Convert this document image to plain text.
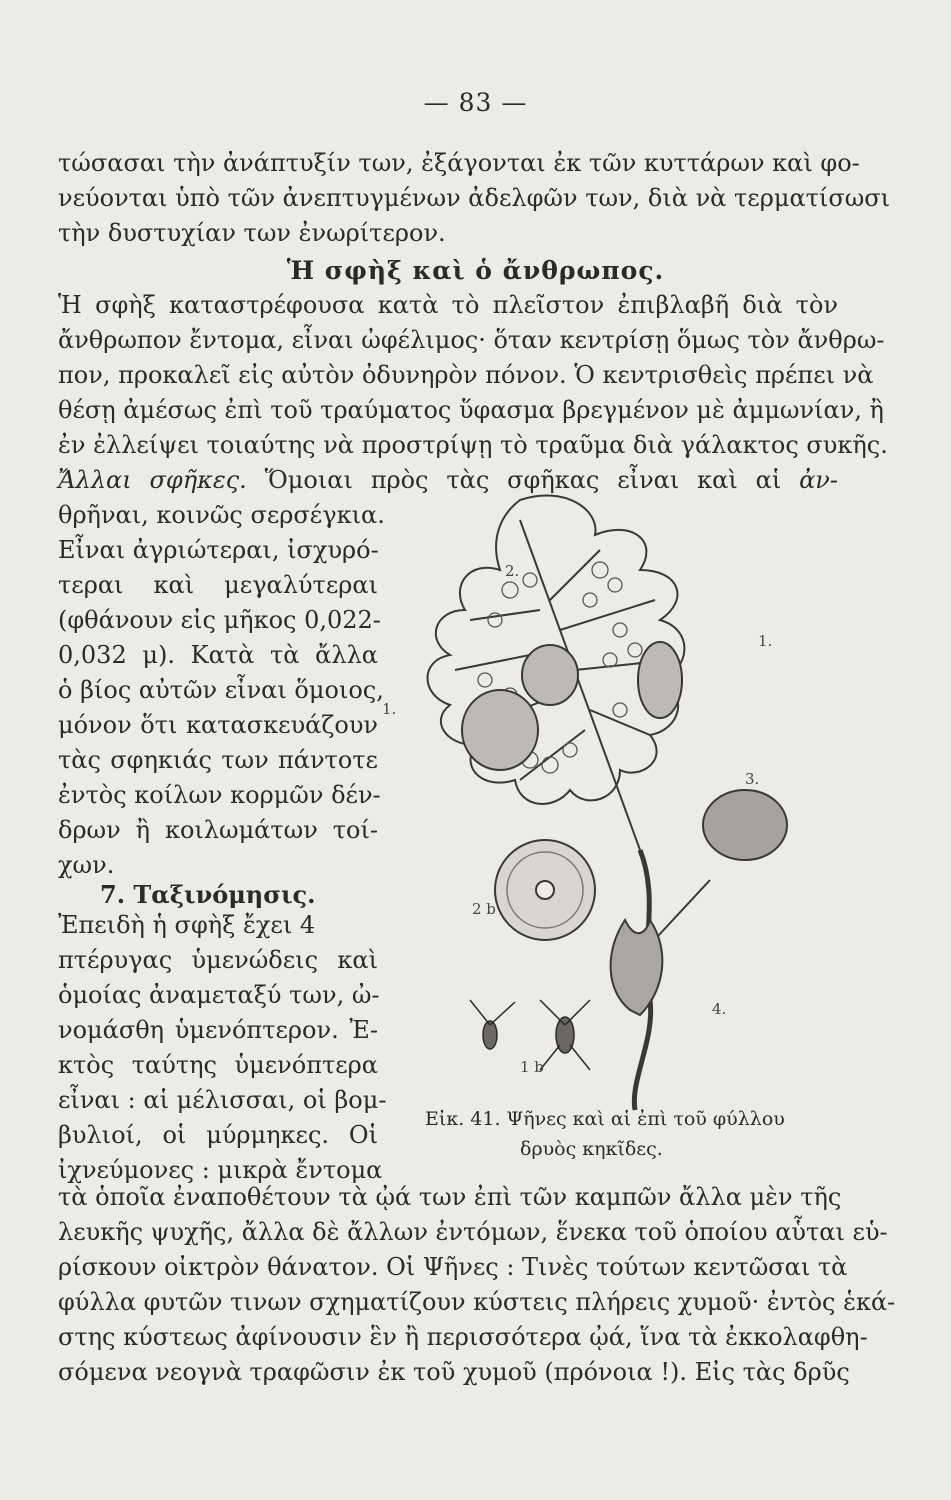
— 83 —
τώσασαι τὴν ἀνάπτυξίν των, ἐξάγονται ἐκ τῶν κυττάρων καὶ φο-
νεύονται ὑπὸ τῶν ἀνεπτυγμένων ἀδελφῶν των, διὰ νὰ τερματίσωσι
τὴν δυστυχίαν των ἐνωρίτερον.
Ἡ σφὴξ καὶ ὁ ἄνθρωπος.
Ἡ σφὴξ καταστρέφουσα κατὰ τὸ πλεῖστον ἐπιβλαβῆ διὰ τὸν
ἄνθρωπον ἔντομα, εἶναι ὠφέλιμος· ὅταν κεντρίσῃ ὅμως τὸν ἄνθρω-
πον, προκαλεῖ εἰς αὐτὸν ὀδυνηρὸν πόνον. Ὁ κεντρισθεὶς πρέπει νὰ
θέσῃ ἀμέσως ἐπὶ τοῦ τραύματος ὕφασμα βρεγμένον μὲ ἀμμωνίαν, ἢ
ἐν ἐλλείψει τοιαύτης νὰ προστρίψῃ τὸ τραῦμα διὰ γάλακτος συκῆς.
Ἄλλαι σφῆκες. Ὅμοιαι πρὸς τὰς σφῆκας εἶναι καὶ αἱ ἀν-
θρῆναι, κοινῶς σερσέγκια.
Εἶναι ἀγριώτεραι, ἰσχυρό-
τεραι καὶ μεγαλύτεραι
(φθάνουν εἰς μῆκος 0,022-
0,032 μ). Κατὰ τὰ ἄλλα
ὁ βίος αὐτῶν εἶναι ὅμοιος,
μόνον ὅτι κατασκευάζουν
τὰς σφηκιάς των πάντοτε
ἐντὸς κοίλων κορμῶν δέν-
δρων ἢ κοιλωμάτων τοί-
χων.
7. Ταξινόμησις.
Ἐπειδὴ ἡ σφὴξ ἔχει 4
πτέρυγας ὑμενώδεις καὶ
ὁμοίας ἀναμεταξύ των, ὠ-
νομάσθη ὑμενόπτερον. Ἐ-
κτὸς ταύτης ὑμενόπτερα
εἶναι : αἱ μέλισσαι, οἱ βομ-
βυλιοί, οἱ μύρμηκες. Οἱ
ἰχνεύμονες : μικρὰ ἔντομα
Εἰκ. 41. Ψῆνες καὶ αἱ ἐπὶ τοῦ φύλλου
δρυὸς κηκῖδες.
τὰ ὁποῖα ἐναποθέτουν τὰ ᾠά των ἐπὶ τῶν καμπῶν ἄλλα μὲν τῆς
λευκῆς ψυχῆς, ἄλλα δὲ ἄλλων ἐντόμων, ἕνεκα τοῦ ὁποίου αὗται εὑ-
ρίσκουν οἰκτρὸν θάνατον. Οἱ Ψῆνες : Τινὲς τούτων κεντῶσαι τὰ
φύλλα φυτῶν τινων σχηματίζουν κύστεις πλήρεις χυμοῦ· ἐντὸς ἑκά-
στης κύστεως ἀφίνουσιν ἓν ἢ περισσότερα ᾠά, ἵνα τὰ ἐκκολαφθη-
σόμενα νεογνὰ τραφῶσιν ἐκ τοῦ χυμοῦ (πρόνοια !). Εἰς τὰς δρῦς
2.
1.
1.
3.
4.
2 b
1 b
